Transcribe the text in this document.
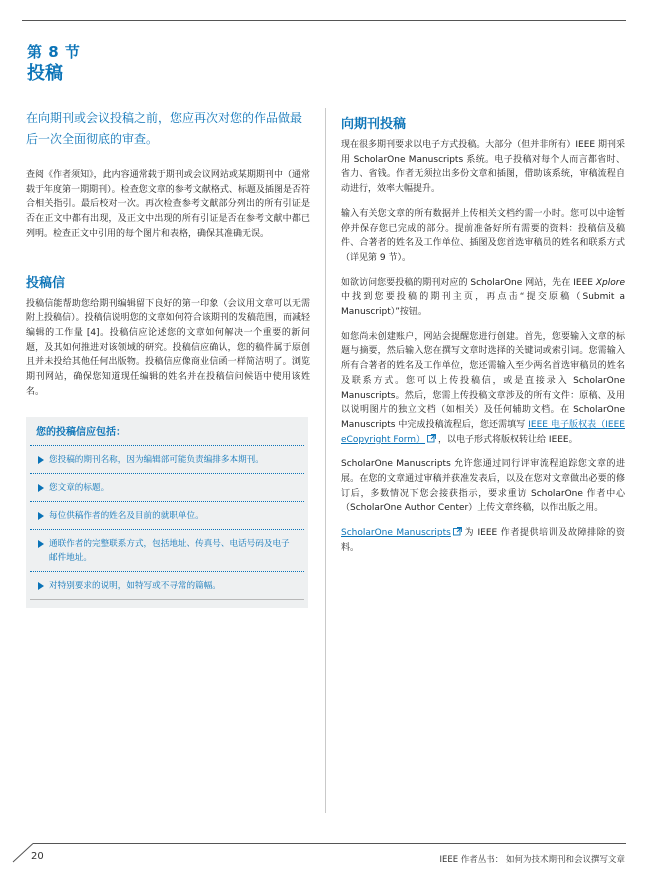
第 8 节
投稿

在向期刊或会议投稿之前，您应再次对您的作品做最后一次全面彻底的审查。

查阅《作者须知》，此内容通常载于期刊或会议网站或某期期刊中（通常载于年度第一期期刊）。检查您文章的参考文献格式、标题及插图是否符合相关指引。最后校对一次。再次检查参考文献部分列出的所有引证是否在正文中都有出现，及正文中出现的所有引证是否在参考文献中都已列明。检查正文中引用的每个图片和表格，确保其准确无误。

投稿信

投稿信能帮助您给期刊编辑留下良好的第一印象（会议用文章可以无需附上投稿信）。投稿信说明您的文章如何符合该期刊的发稿范围，而减轻编辑的工作量 [4]。投稿信应论述您的文章如何解决一个重要的新问题，及其如何推进对该领域的研究。投稿信应确认，您的稿件属于原创且并未投给其他任何出版物。投稿信应像商业信函一样简洁明了。浏览期刊网站，确保您知道现任编辑的姓名并在投稿信问候语中使用该姓名。

您的投稿信应包括：
您投稿的期刊名称，因为编辑部可能负责编排多本期刊。
您文章的标题。
每位供稿作者的姓名及目前的就职单位。
通联作者的完整联系方式，包括地址、传真号、电话号码及电子邮件地址。
对特别要求的说明，如特写或不寻常的篇幅。
向期刊投稿

现在很多期刊要求以电子方式投稿。大部分（但并非所有）IEEE 期刊采用 ScholarOne Manuscripts 系统。电子投稿对每个人而言都省时、省力、省钱。作者无须拉出多份文章和插图，借助该系统，审稿流程自动进行，效率大幅提升。

输入有关您文章的所有数据并上传相关文档约需一小时。您可以中途暂停并保存您已完成的部分。提前准备好所有需要的资料：投稿信及稿件、合著者的姓名及工作单位、插图及您首选审稿员的姓名和联系方式（详见第 9 节）。

如欲访问您要投稿的期刊对应的 ScholarOne 网站，先在 IEEE Xplore 中找到您要投稿的期刊主页，再点击“提交原稿（Submit a Manuscript）”按钮。

如您尚未创建账户，网站会提醒您进行创建。首先，您要输入文章的标题与摘要，然后输入您在撰写文章时选择的关键词或索引词。您需输入所有合著者的姓名及工作单位，您还需输入至少两名首选审稿员的姓名及联系方式。您可以上传投稿信，或是直接录入 ScholarOne Manuscripts。然后，您需上传投稿文章涉及的所有文件：原稿、及用以说明图片的独立文档（如相关）及任何辅助文档。在 ScholarOne Manuscripts 中完成投稿流程后，您还需填写 IEEE 电子版权表（IEEE eCopyright Form） ，以电子形式将版权转让给 IEEE。

ScholarOne Manuscripts 允许您通过同行评审流程追踪您文章的进展。在您的文章通过审稿并获准发表后，以及在您对文章做出必要的修订后，多数情况下您会接获指示，要求重访 ScholarOne 作者中心（ScholarOne Author Center）上传文章终稿，以作出版之用。

ScholarOne Manuscripts 为 IEEE 作者提供培训及故障排除的资料。

20	IEEE 作者丛书： 如何为技术期刊和会议撰写文章
